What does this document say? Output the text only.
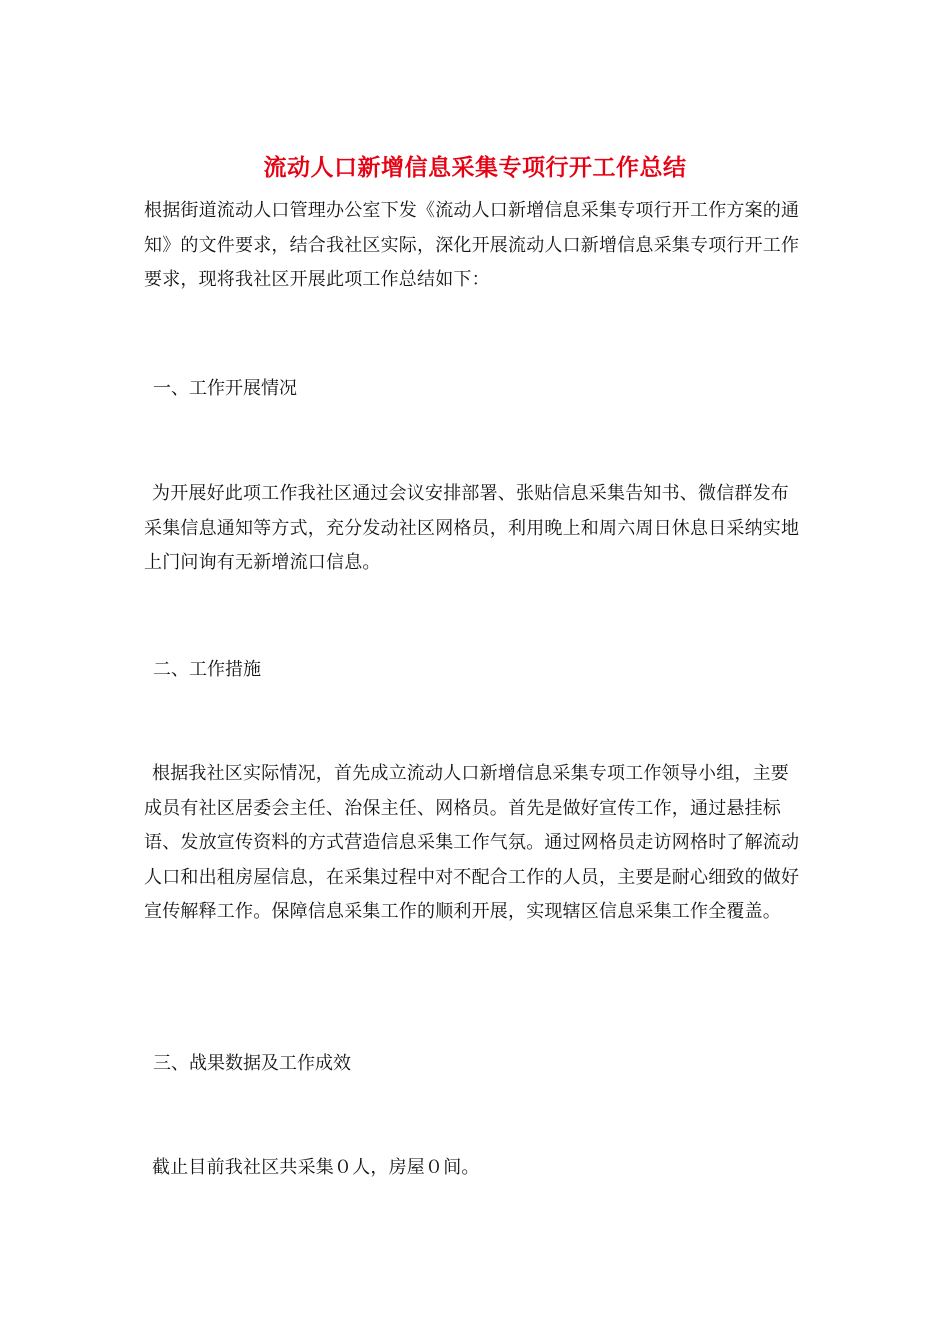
流动人口新增信息采集专项行开工作总结

根据街道流动人口管理办公室下发《流动人口新增信息采集专项行开工作方案的通知》的文件要求，结合我社区实际，深化开展流动人口新增信息采集专项行开工作要求，现将我社区开展此项工作总结如下：

一、工作开展情况

为开展好此项工作我社区通过会议安排部署、张贴信息采集告知书、微信群发布采集信息通知等方式，充分发动社区网格员，利用晚上和周六周日休息日采纳实地上门问询有无新增流口信息。

二、工作措施

根据我社区实际情况，首先成立流动人口新增信息采集专项工作领导小组，主要成员有社区居委会主任、治保主任、网格员。首先是做好宣传工作，通过悬挂标语、发放宣传资料的方式营造信息采集工作气氛。通过网格员走访网格时了解流动人口和出租房屋信息，在采集过程中对不配合工作的人员，主要是耐心细致的做好宣传解释工作。保障信息采集工作的顺利开展，实现辖区信息采集工作全覆盖。

三、战果数据及工作成效

截止目前我社区共采集０人，房屋０间。
